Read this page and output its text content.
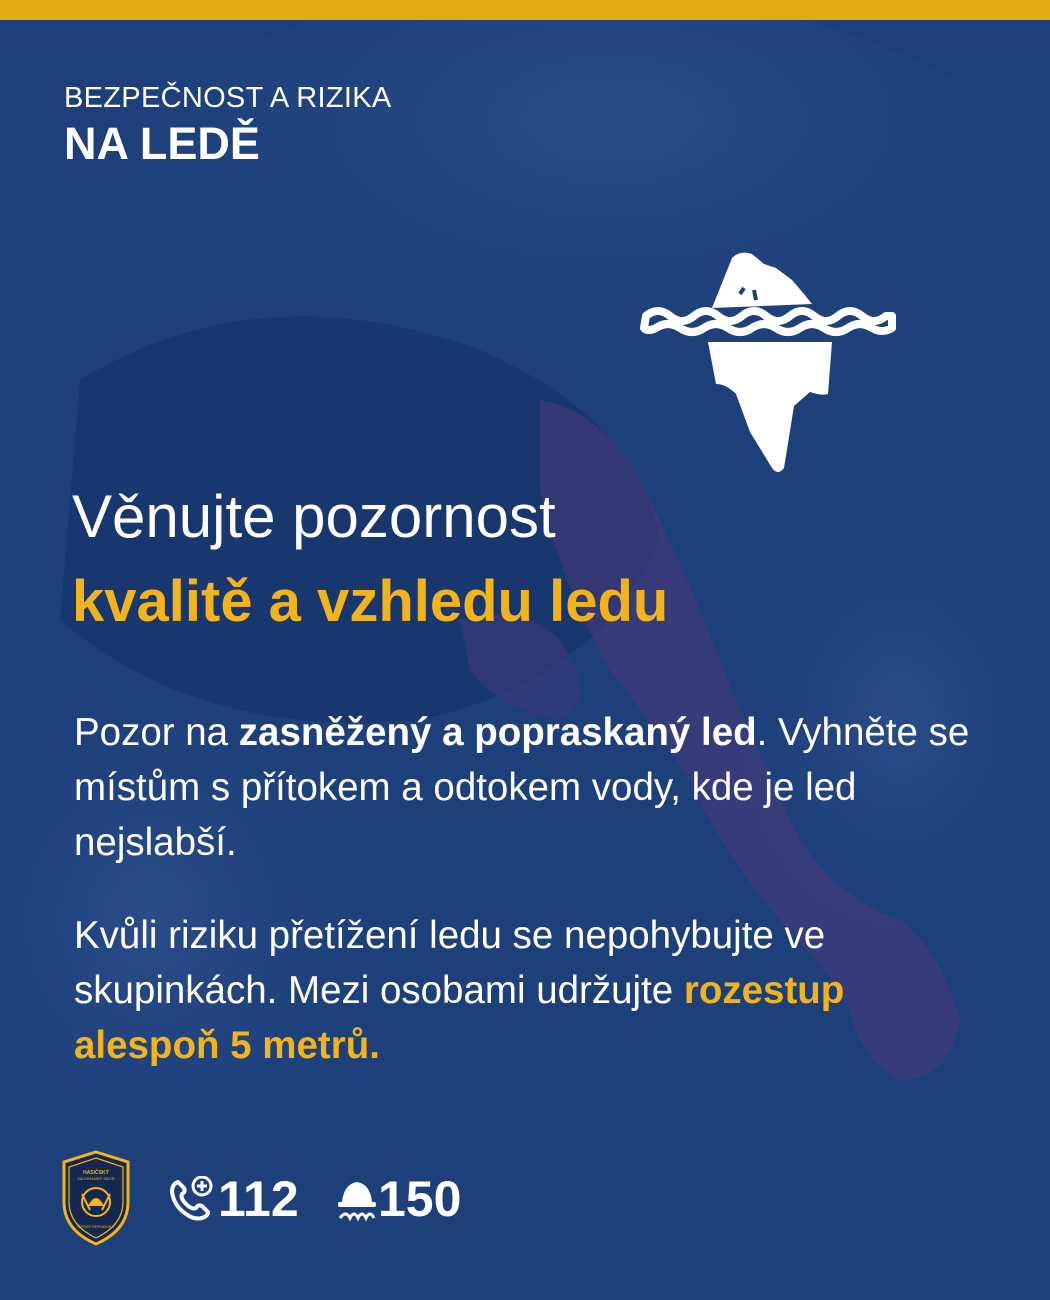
BEZPEČNOST A RIZIKA
NA LEDĚ
Věnujte pozornost
kvalitě a vzhledu ledu
Pozor na zasněžený a popraskaný led. Vyhněte se místům s přítokem a odtokem vody, kde je led nejslabší.
Kvůli riziku přetížení ledu se nepohybujte ve skupinkách. Mezi osobami udržujte rozestup alespoň 5 metrů.
HASIČSKÝ
ZÁCHRANNÝ SBOR
ČESKÉ REPUBLIKY 112 150
